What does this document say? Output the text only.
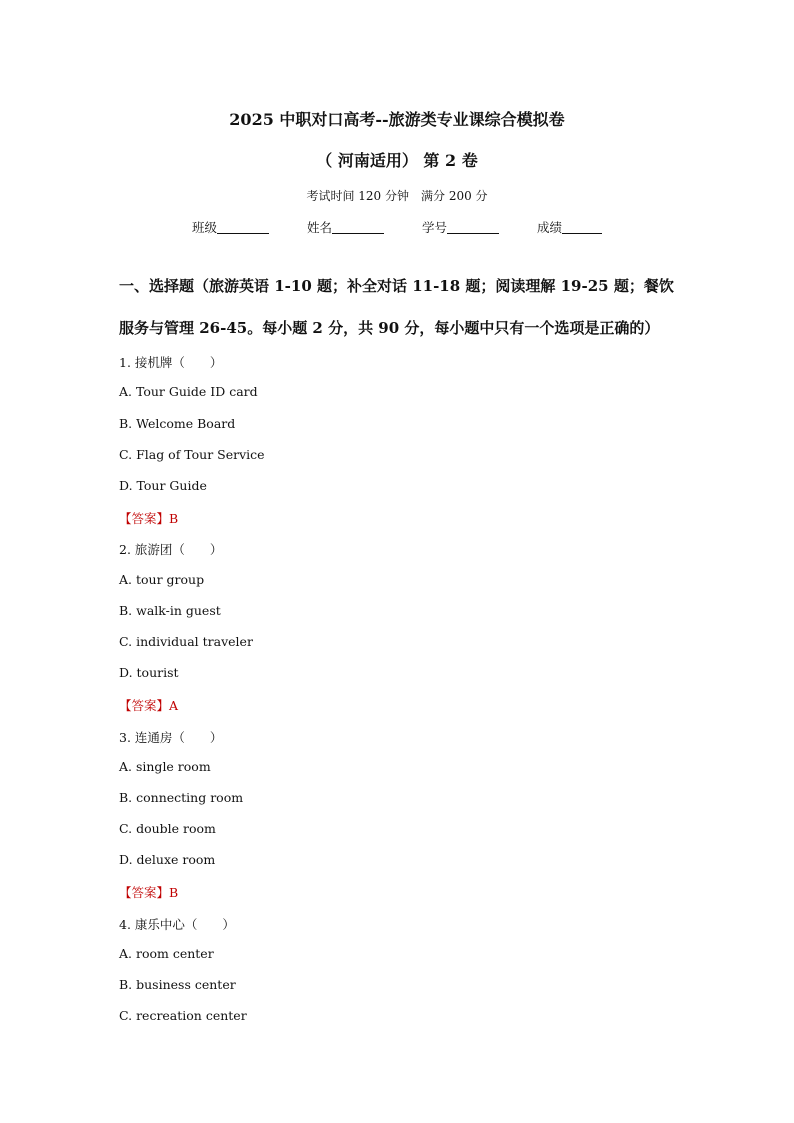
2025 中职对口高考--旅游类专业课综合模拟卷
（ 河南适用） 第 2 卷
考试时间 120 分钟 满分 200 分
班级	姓名	学号	成绩
一、选择题（旅游英语 1-10 题；补全对话 11-18 题；阅读理解 19-25 题；餐饮
服务与管理 26-45。每小题 2 分，共 90 分，每小题中只有一个选项是正确的）
1. 接机牌（　　）
A. Tour Guide ID card
B. Welcome Board
C. Flag of Tour Service
D. Tour Guide
【答案】B
2. 旅游团（　　）
A. tour group
B. walk-in guest
C. individual traveler
D. tourist
【答案】A
3. 连通房（　　）
A. single room
B. connecting room
C. double room
D. deluxe room
【答案】B
4. 康乐中心（　　）
A. room center
B. business center
C. recreation center
